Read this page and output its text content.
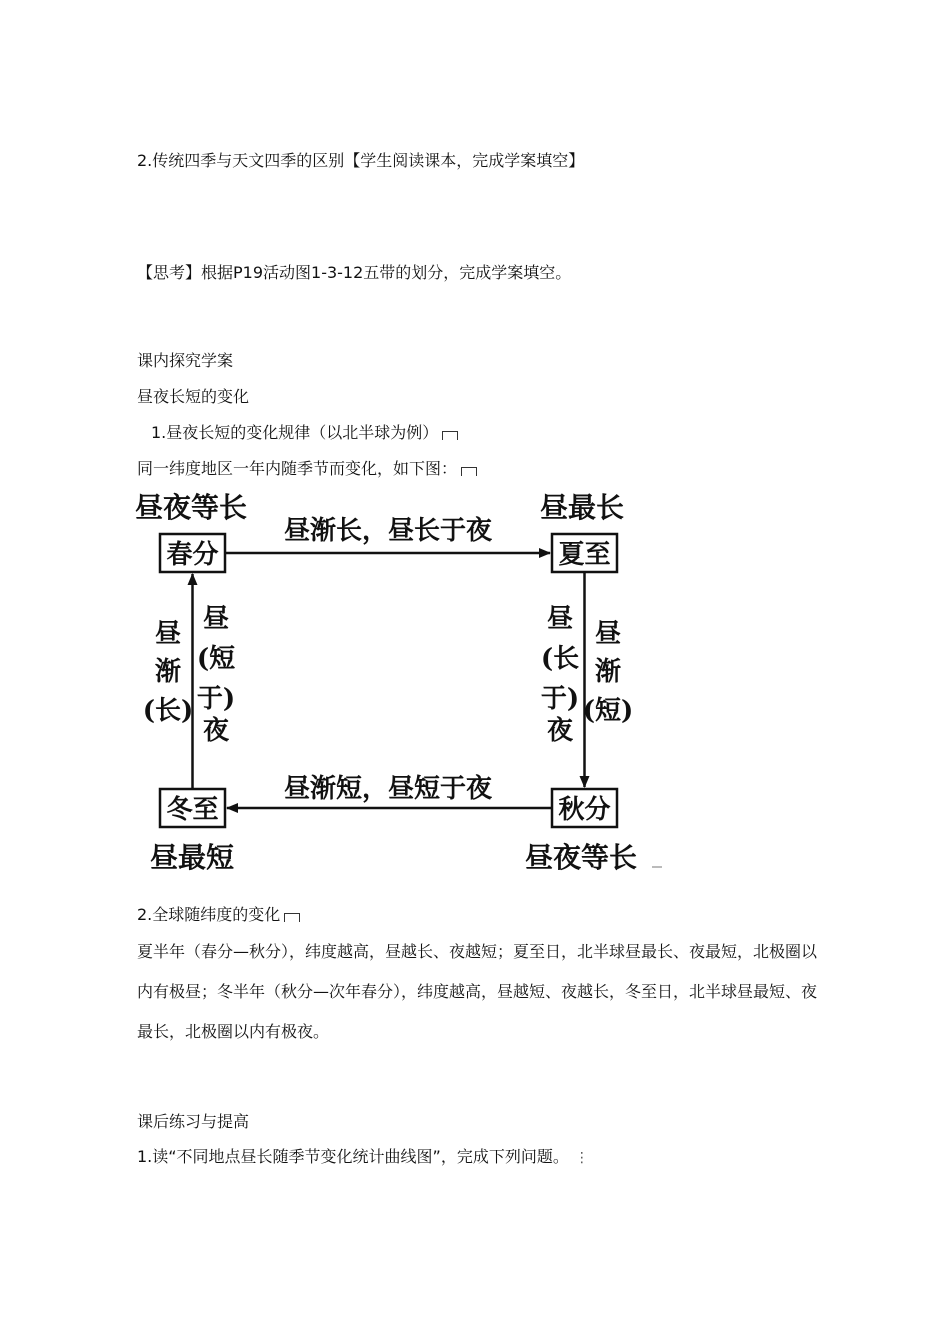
2.传统四季与天文四季的区别【学生阅读课本，完成学案填空】
【思考】根据P19活动图1-3-12五带的划分，完成学案填空。
课内探究学案
昼夜长短的变化
1.昼夜长短的变化规律（以北半球为例）
同一纬度地区一年内随季节而变化，如下图：
昼夜等长	昼最长
昼最短	昼夜等长
春分	夏至
秋分
冬至
昼渐长，昼长于夜
昼渐短，昼短于夜
昼
(长
于)
夜
昼
渐
(短)
昼
渐
(长)
昼
(短
于)
夜
2.全球随纬度的变化
夏半年（春分—秋分），纬度越高，昼越长、夜越短；夏至日，北半球昼最长、夜最短，北极圈以内有极昼；冬半年（秋分—次年春分），纬度越高，昼越短、夜越长，冬至日，北半球昼最短、夜最长，北极圈以内有极夜。
课后练习与提高
1.读“不同地点昼长随季节变化统计曲线图”，完成下列问题。 ⋮
